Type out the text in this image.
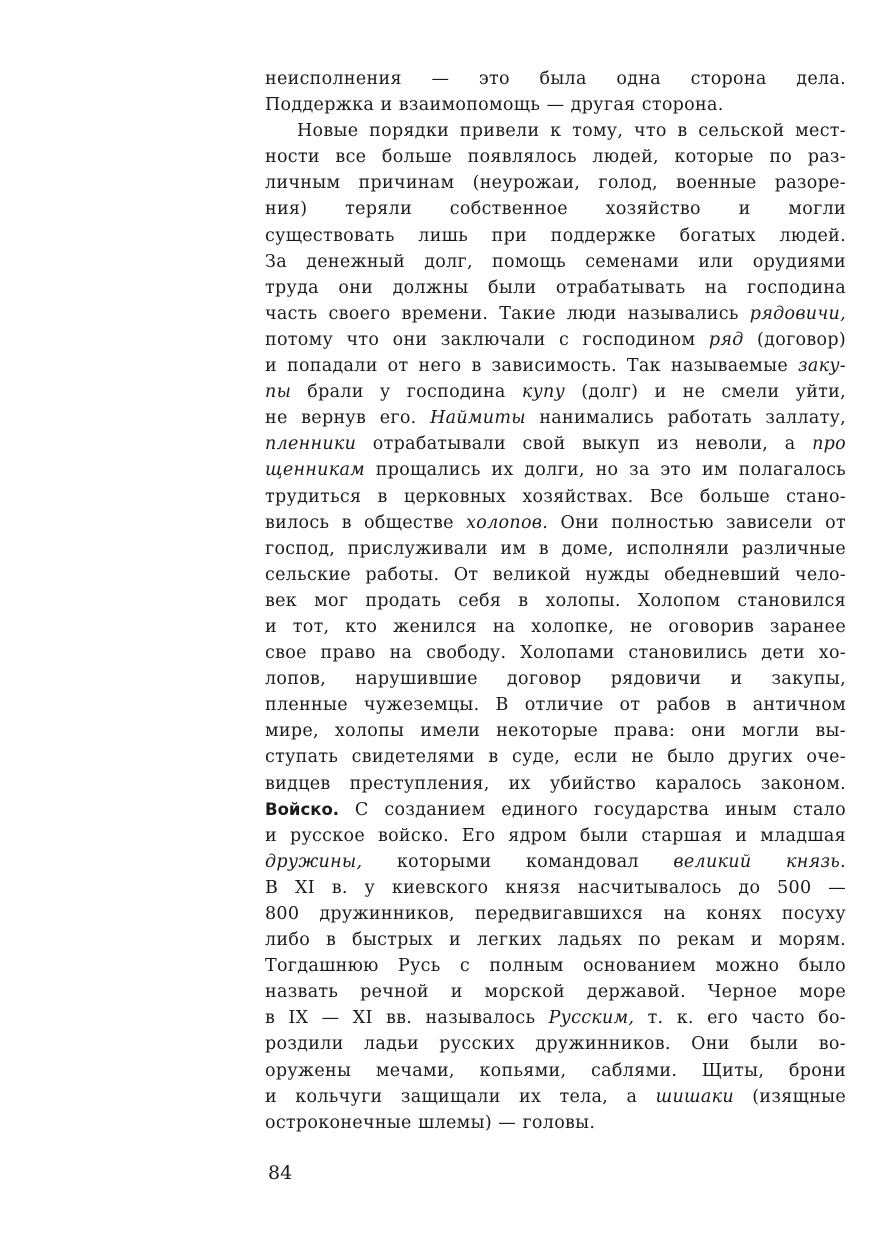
неисполнения — это была одна сторона дела.
Поддержка и взаимопомощь — другая сторона.
Новые порядки привели к тому, что в сельской мест-
ности все больше появлялось людей, которые по раз-
личным причинам (неурожаи, голод, военные разоре-
ния) теряли собственное хозяйство и могли
существовать лишь при поддержке богатых людей.
За денежный долг, помощь семенами или орудиями
труда они должны были отрабатывать на господина
часть своего времени. Такие люди назывались рядовичи,
потому что они заключали с господином ряд (договор)
и попадали от него в зависимость. Так называемые заку-
пы брали у господина купу (долг) и не смели уйти,
не вернув его. Наймиты нанимались работать заллату,
пленники отрабатывали свой выкуп из неволи, а про
щенникам прощались их долги, но за это им полагалось
трудиться в церковных хозяйствах. Все больше стано-
вилось в обществе холопов. Они полностью зависели от
господ, прислуживали им в доме, исполняли различные
сельские работы. От великой нужды обедневший чело-
век мог продать себя в холопы. Холопом становился
и тот, кто женился на холопке, не оговорив заранее
свое право на свободу. Холопами становились дети хо-
лопов, нарушившие договор рядовичи и закупы,
пленные чужеземцы. В отличие от рабов в античном
мире, холопы имели некоторые права: они могли вы-
ступать свидетелями в суде, если не было других оче-
видцев преступления, их убийство каралось законом.
Войско. С созданием единого государства иным стало
и русское войско. Его ядром были старшая и младшая
дружины, которыми командовал великий князь.
В XI в. у киевского князя насчитывалось до 500 —
800 дружинников, передвигавшихся на конях посуху
либо в быстрых и легких ладьях по рекам и морям.
Тогдашнюю Русь с полным основанием можно было
назвать речной и морской державой. Черное море
в IX — XI вв. называлось Русским, т. к. его часто бо-
роздили ладьи русских дружинников. Они были во-
оружены мечами, копьями, саблями. Щиты, брони
и кольчуги защищали их тела, а шишаки (изящные
остроконечные шлемы) — головы.
84
